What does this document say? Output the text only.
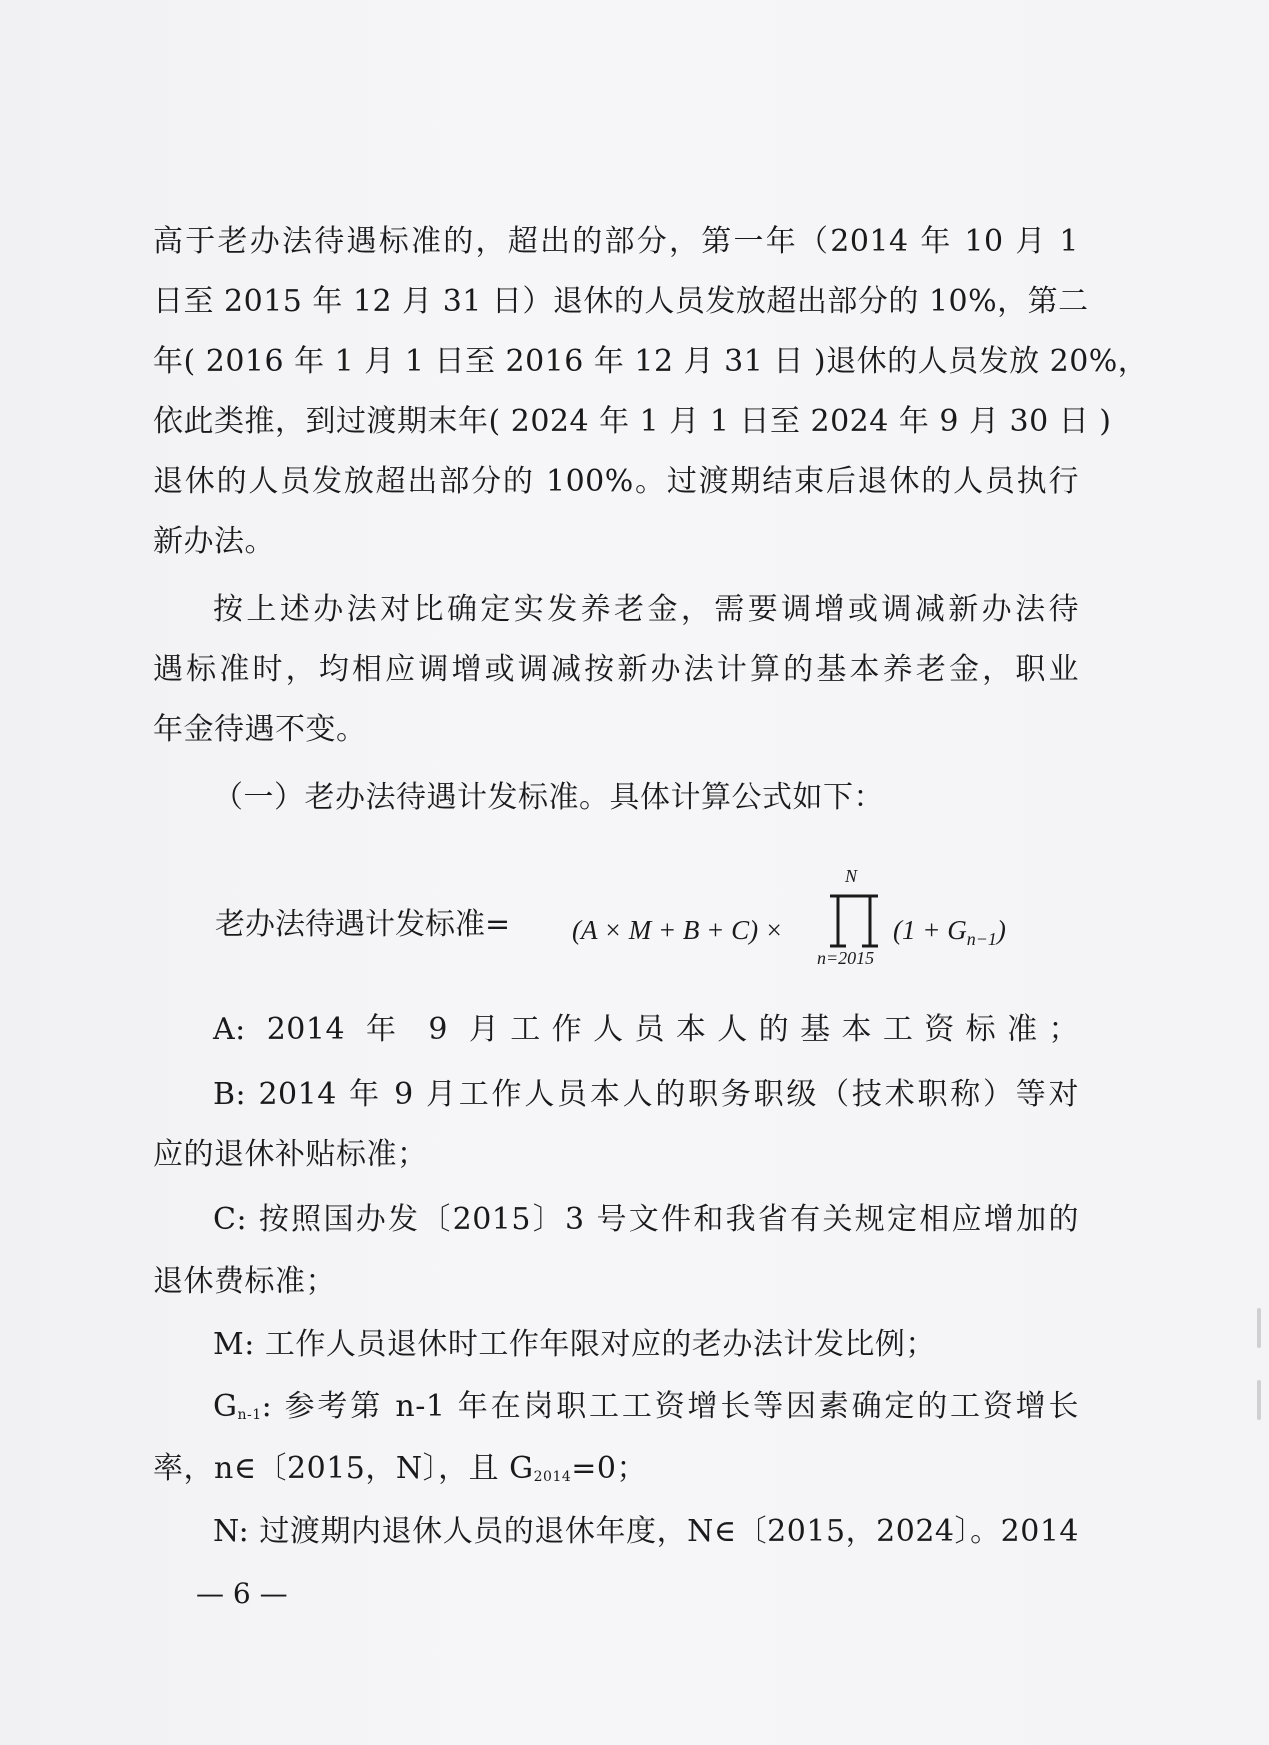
高于老办法待遇标准的，超出的部分，第一年（2014 年 10 月 1
日至 2015 年 12 月 31 日）退休的人员发放超出部分的 10%，第二
年( 2016 年 1 月 1 日至 2016 年 12 月 31 日 )退休的人员发放 20%，
依此类推，到过渡期末年( 2024 年 1 月 1 日至 2024 年 9 月 30 日 )
退休的人员发放超出部分的 100%。过渡期结束后退休的人员执行
新办法。
按上述办法对比确定实发养老金，需要调增或调减新办法待
遇标准时，均相应调增或调减按新办法计算的基本养老金，职业
年金待遇不变。
（一）老办法待遇计发标准。具体计算公式如下：
老办法待遇计发标准= (A × M + B + C) ×
N
n=2015
$(1 + G_{n-1})$
A: 2014 年 9 月工作人员本人的基本工资标准；
B: 2014 年 9 月工作人员本人的职务职级（技术职称）等对
应的退休补贴标准；
C: 按照国办发〔2015〕3 号文件和我省有关规定相应增加的
退休费标准；
M: 工作人员退休时工作年限对应的老办法计发比例；
$G_{n-1}$: 参考第 n-1 年在岗职工工资增长等因素确定的工资增长
率，n∈〔2015，N〕，且 $G_{2014}=0$；
N: 过渡期内退休人员的退休年度，N∈〔2015，2024〕。2014
— 6 —
